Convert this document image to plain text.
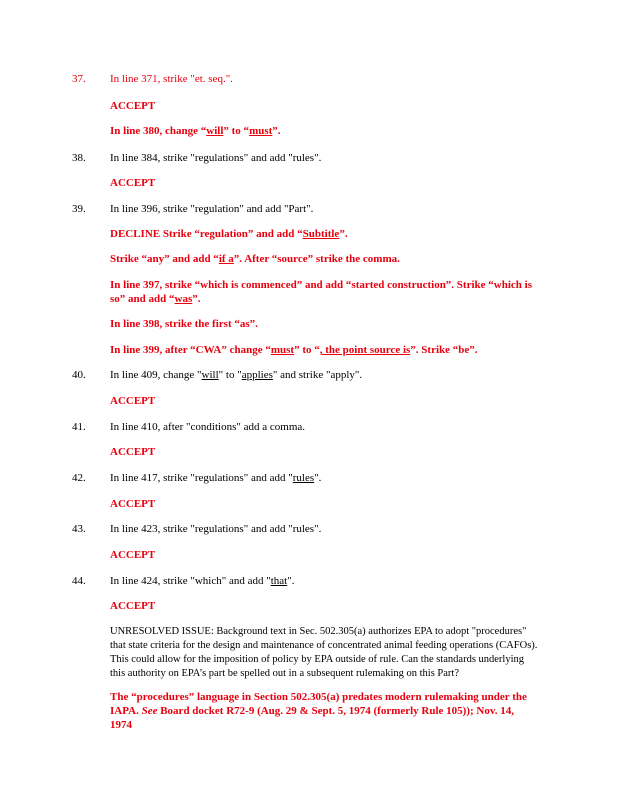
37. In line 371, strike "et. seq.".
ACCEPT
In line 380, change “will” to “must”.
38. In line 384, strike "regulations" and add "rules".
ACCEPT
39. In line 396, strike "regulation" and add "Part".
DECLINE Strike “regulation” and add “Subtitle”.
Strike “any” and add “if a”. After “source” strike the comma.
In line 397, strike “which is commenced” and add “started construction”. Strike “which is so” and add “was”.
In line 398, strike the first “as”.
In line 399, after “CWA” change “must” to “, the point source is”. Strike “be”.
40. In line 409, change "will" to "applies" and strike "apply".
ACCEPT
41. In line 410, after "conditions" add a comma.
ACCEPT
42. In line 417, strike "regulations" and add "rules".
ACCEPT
43. In line 423, strike "regulations" and add "rules".
ACCEPT
44. In line 424, strike "which" and add "that".
ACCEPT
UNRESOLVED ISSUE: Background text in Sec. 502.305(a) authorizes EPA to adopt "procedures" that state criteria for the design and maintenance of concentrated animal feeding operations (CAFOs). This could allow for the imposition of policy by EPA outside of rule. Can the standards underlying this authority on EPA’s part be spelled out in a subsequent rulemaking on this Part?
The “procedures” language in Section 502.305(a) predates modern rulemaking under the IAPA. See Board docket R72-9 (Aug. 29 & Sept. 5, 1974 (formerly Rule 105)); Nov. 14, 1974
